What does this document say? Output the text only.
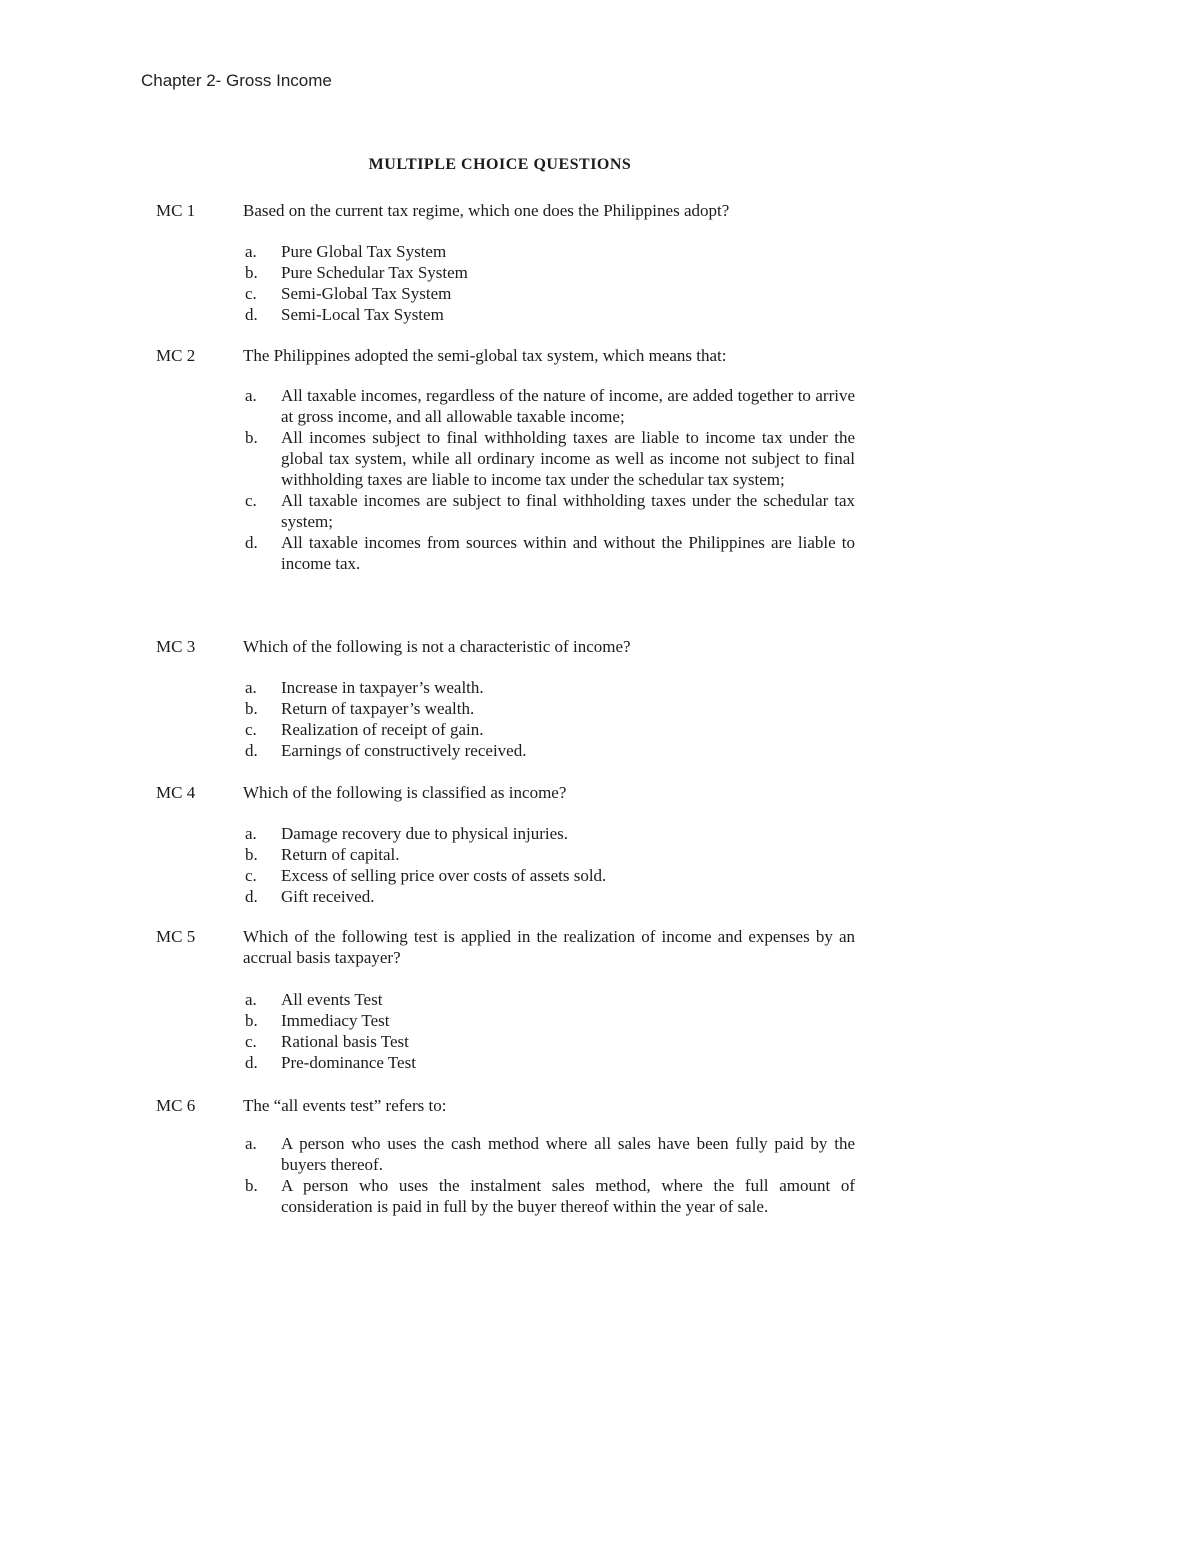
Chapter 2- Gross Income
MULTIPLE CHOICE QUESTIONS
MC 1	Based on the current tax regime, which one does the Philippines adopt?
a. Pure Global Tax System
b. Pure Schedular Tax System
c. Semi-Global Tax System
d. Semi-Local Tax System
MC 2	The Philippines adopted the semi-global tax system, which means that:
a. All taxable incomes, regardless of the nature of income, are added together to arrive at gross income, and all allowable taxable income;
b. All incomes subject to final withholding taxes are liable to income tax under the global tax system, while all ordinary income as well as income not subject to final withholding taxes are liable to income tax under the schedular tax system;
c. All taxable incomes are subject to final withholding taxes under the schedular tax system;
d. All taxable incomes from sources within and without the Philippines are liable to income tax.
MC 3	Which of the following is not a characteristic of income?
a. Increase in taxpayer’s wealth.
b. Return of taxpayer’s wealth.
c. Realization of receipt of gain.
d. Earnings of constructively received.
MC 4	Which of the following is classified as income?
a. Damage recovery due to physical injuries.
b. Return of capital.
c. Excess of selling price over costs of assets sold.
d. Gift received.
MC 5	Which of the following test is applied in the realization of income and expenses by an accrual basis taxpayer?
a. All events Test
b. Immediacy Test
c. Rational basis Test
d. Pre-dominance Test
MC 6	The “all events test” refers to:
a. A person who uses the cash method where all sales have been fully paid by the buyers thereof.
b. A person who uses the instalment sales method, where the full amount of consideration is paid in full by the buyer thereof within the year of sale.
